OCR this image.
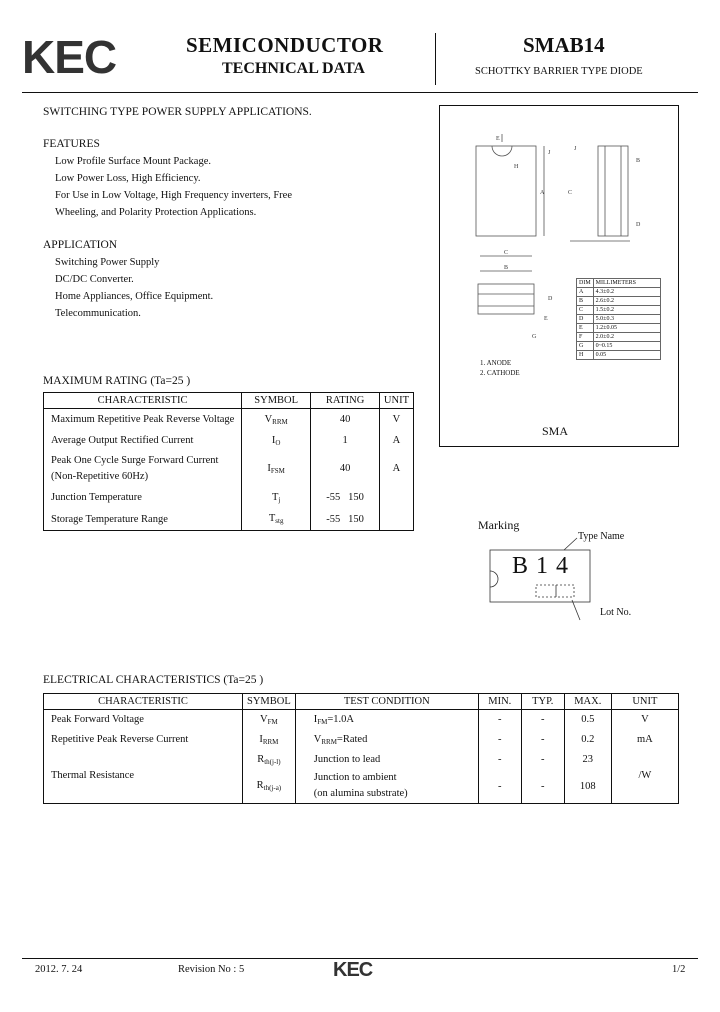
KEC	SEMICONDUCTOR
TECHNICAL DATA
SMAB14
SCHOTTKY BARRIER TYPE DIODE
SWITCHING TYPE POWER SUPPLY APPLICATIONS.
FEATURES
Low Profile Surface Mount Package.
Low Power Loss, High Efficiency.
For Use in Low Voltage, High Frequency inverters, Free
Wheeling, and Polarity Protection Applications.
APPLICATION
Switching Power Supply
DC/DC Converter.
Home Appliances, Office Equipment.
Telecommunication.
E
H
J
A	C
J
B
D
C
B
D
E
G
DIM	MILLIMETERS
A	4.3±0.2
B	2.6±0.2
C	1.5±0.2
D	5.0±0.3
E	1.2±0.05
F	2.0±0.2
G	0~0.15
H	0.05
1. ANODE
2. CATHODE
SMA
MAXIMUM RATING (Ta=25 )
CHARACTERISTIC	SYMBOL	RATING	UNIT
Maximum Repetitive Peak Reverse Voltage	$V_{RRM}$	40	V
Average Output Rectified Current	$I_O$	1	A

Peak One Cycle Surge Forward Current
(Non-Repetitive 60Hz)	$I_{FSM}$	40	A
Junction Temperature	$T_j$	-55   150	
Storage Temperature Range	$T_{stg}$	-55   150		Marking
Type Name
B14
Lot No.
ELECTRICAL CHARACTERISTICS (Ta=25 )
CHARACTERISTIC	SYMBOL	TEST CONDITION	MIN.	TYP.	MAX.	UNIT
Peak Forward Voltage	$V_{FM}$	$I_{FM}=1.0A$	-	-	0.5	V
Repetitive Peak Reverse Current	$I_{RRM}$	$V_{RRM}=Rated$	-	-	0.2	mA
	$R_{th(j-l)}$	Junction to lead	-	-	23	
Thermal Resistance	$R_{th(j-a)}$	Junction to ambient
(on alumina substrate)	-	-	108	/W
2012. 7. 24	Revision No : 5	KEC	1/2
